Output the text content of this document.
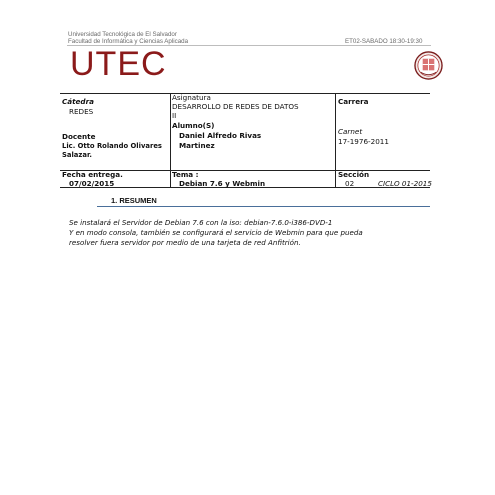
Universidad Tecnológica de El Salvador
Facultad de Informática y Ciencias Aplicada	ET02-SABADO 18:30-19:30
UTEC
Cátedra
REDES
Docente
Lic. Otto Rolando Olivares
Salazar.
Fecha entrega.
07/02/2015
Asignatura
DESARROLLO DE REDES DE DATOS
II
Alumno(S)
Daniel Alfredo Rivas
Martinez
Tema :
Debian 7.6 y Webmin
Carrera
Carnet
17-1976-2011
Sección
02	CICLO 01-2015
1. RESUMEN
Se instalará el Servidor de Debian 7.6 con la iso: debian-7.6.0-i386-DVD-1
Y en modo consola, también se configurará el servicio de Webmin para que pueda
resolver fuera servidor por medio de una tarjeta de red Anfitrión.
